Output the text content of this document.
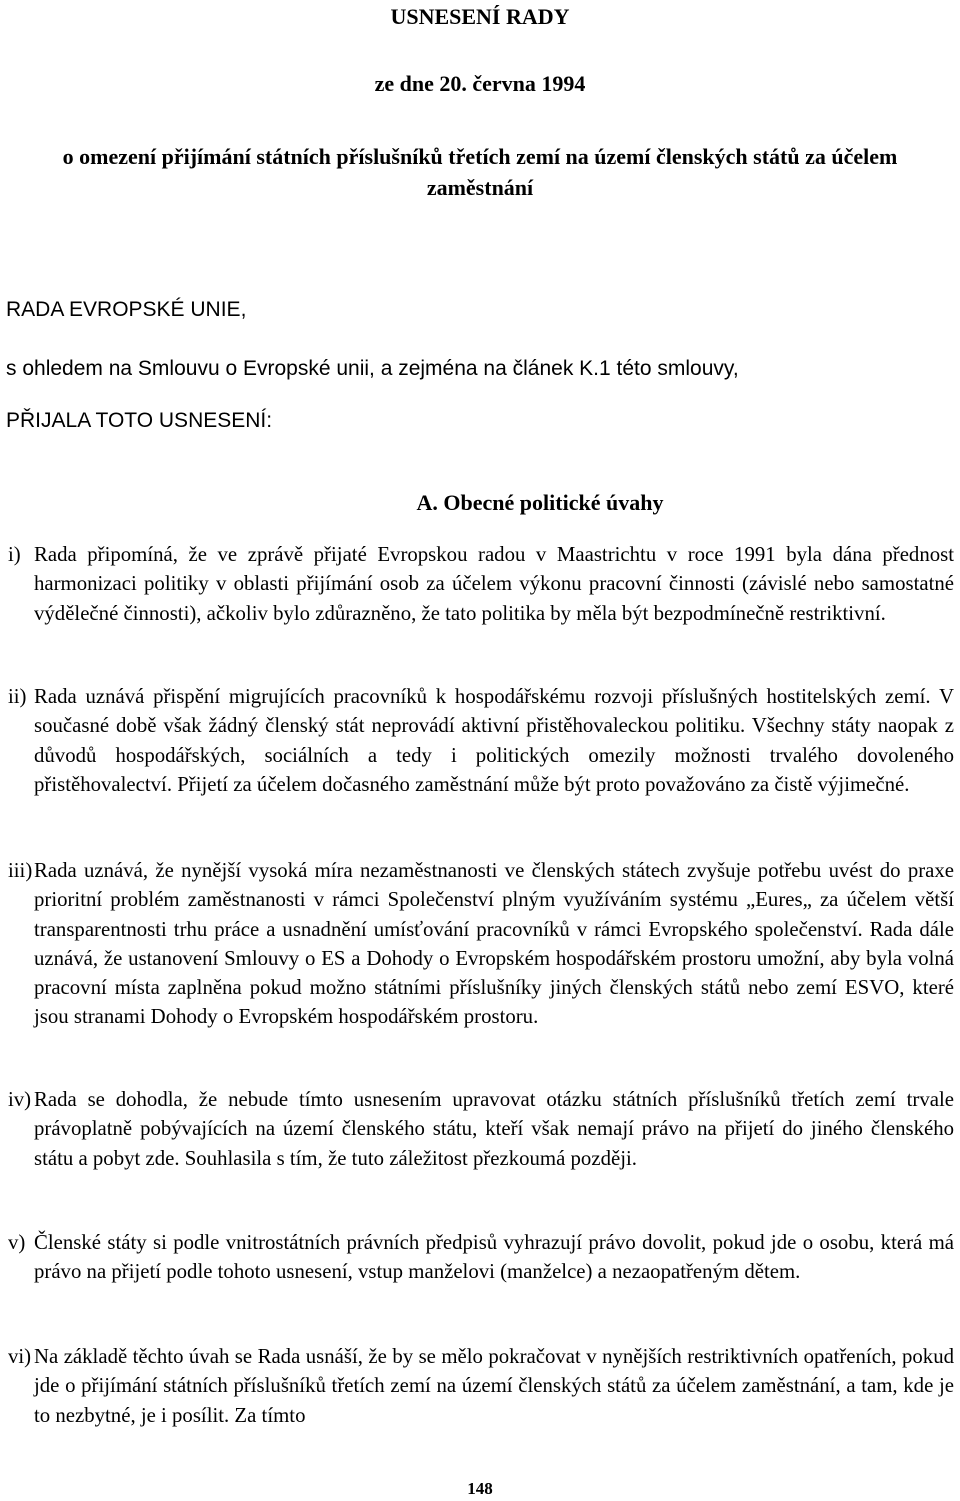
USNESENÍ RADY
ze dne 20. června 1994
o omezení přijímání státních příslušníků třetích zemí na území členských států za účelem zaměstnání
RADA EVROPSKÉ UNIE,
s ohledem na Smlouvu o Evropské unii, a zejména na článek K.1 této smlouvy,
PŘIJALA TOTO USNESENÍ:
A. Obecné politické úvahy
i) Rada připomíná, že ve zprávě přijaté Evropskou radou v Maastrichtu v roce 1991 byla dána přednost harmonizaci politiky v oblasti přijímání osob za účelem výkonu pracovní činnosti (závislé nebo samostatné výdělečné činnosti), ačkoliv bylo zdůrazněno, že tato politika by měla být bezpodmínečně restriktivní.
ii) Rada uznává přispění migrujících pracovníků k hospodářskému rozvoji příslušných hostitelských zemí. V současné době však žádný členský stát neprovádí aktivní přistěhovaleckou politiku. Všechny státy naopak z důvodů hospodářských, sociálních a tedy i politických omezily možnosti trvalého dovoleného přistěhovalectví. Přijetí za účelem dočasného zaměstnání může být proto považováno za čistě výjimečné.
iii) Rada uznává, že nynější vysoká míra nezaměstnanosti ve členských státech zvyšuje potřebu uvést do praxe prioritní problém zaměstnanosti v rámci Společenství plným využíváním systému „Eures„ za účelem větší transparentnosti trhu práce a usnadnění umísťování pracovníků v rámci Evropského společenství. Rada dále uznává, že ustanovení Smlouvy o ES a Dohody o Evropském hospodářském prostoru umožní, aby byla volná pracovní místa zaplněna pokud možno státními příslušníky jiných členských států nebo zemí ESVO, které jsou stranami Dohody o Evropském hospodářském prostoru.
iv) Rada se dohodla, že nebude tímto usnesením upravovat otázku státních příslušníků třetích zemí trvale právoplatně pobývajících na území členského státu, kteří však nemají právo na přijetí do jiného členského státu a pobyt zde. Souhlasila s tím, že tuto záležitost přezkoumá později.
v) Členské státy si podle vnitrostátních právních předpisů vyhrazují právo dovolit, pokud jde o osobu, která má právo na přijetí podle tohoto usnesení, vstup manželovi (manželce) a nezaopatřeným dětem.
vi) Na základě těchto úvah se Rada usnáší, že by se mělo pokračovat v nynějších restriktivních opatřeních, pokud jde o přijímání státních příslušníků třetích zemí na území členských států za účelem zaměstnání, a tam, kde je to nezbytné, je i posílit. Za tímto
148
